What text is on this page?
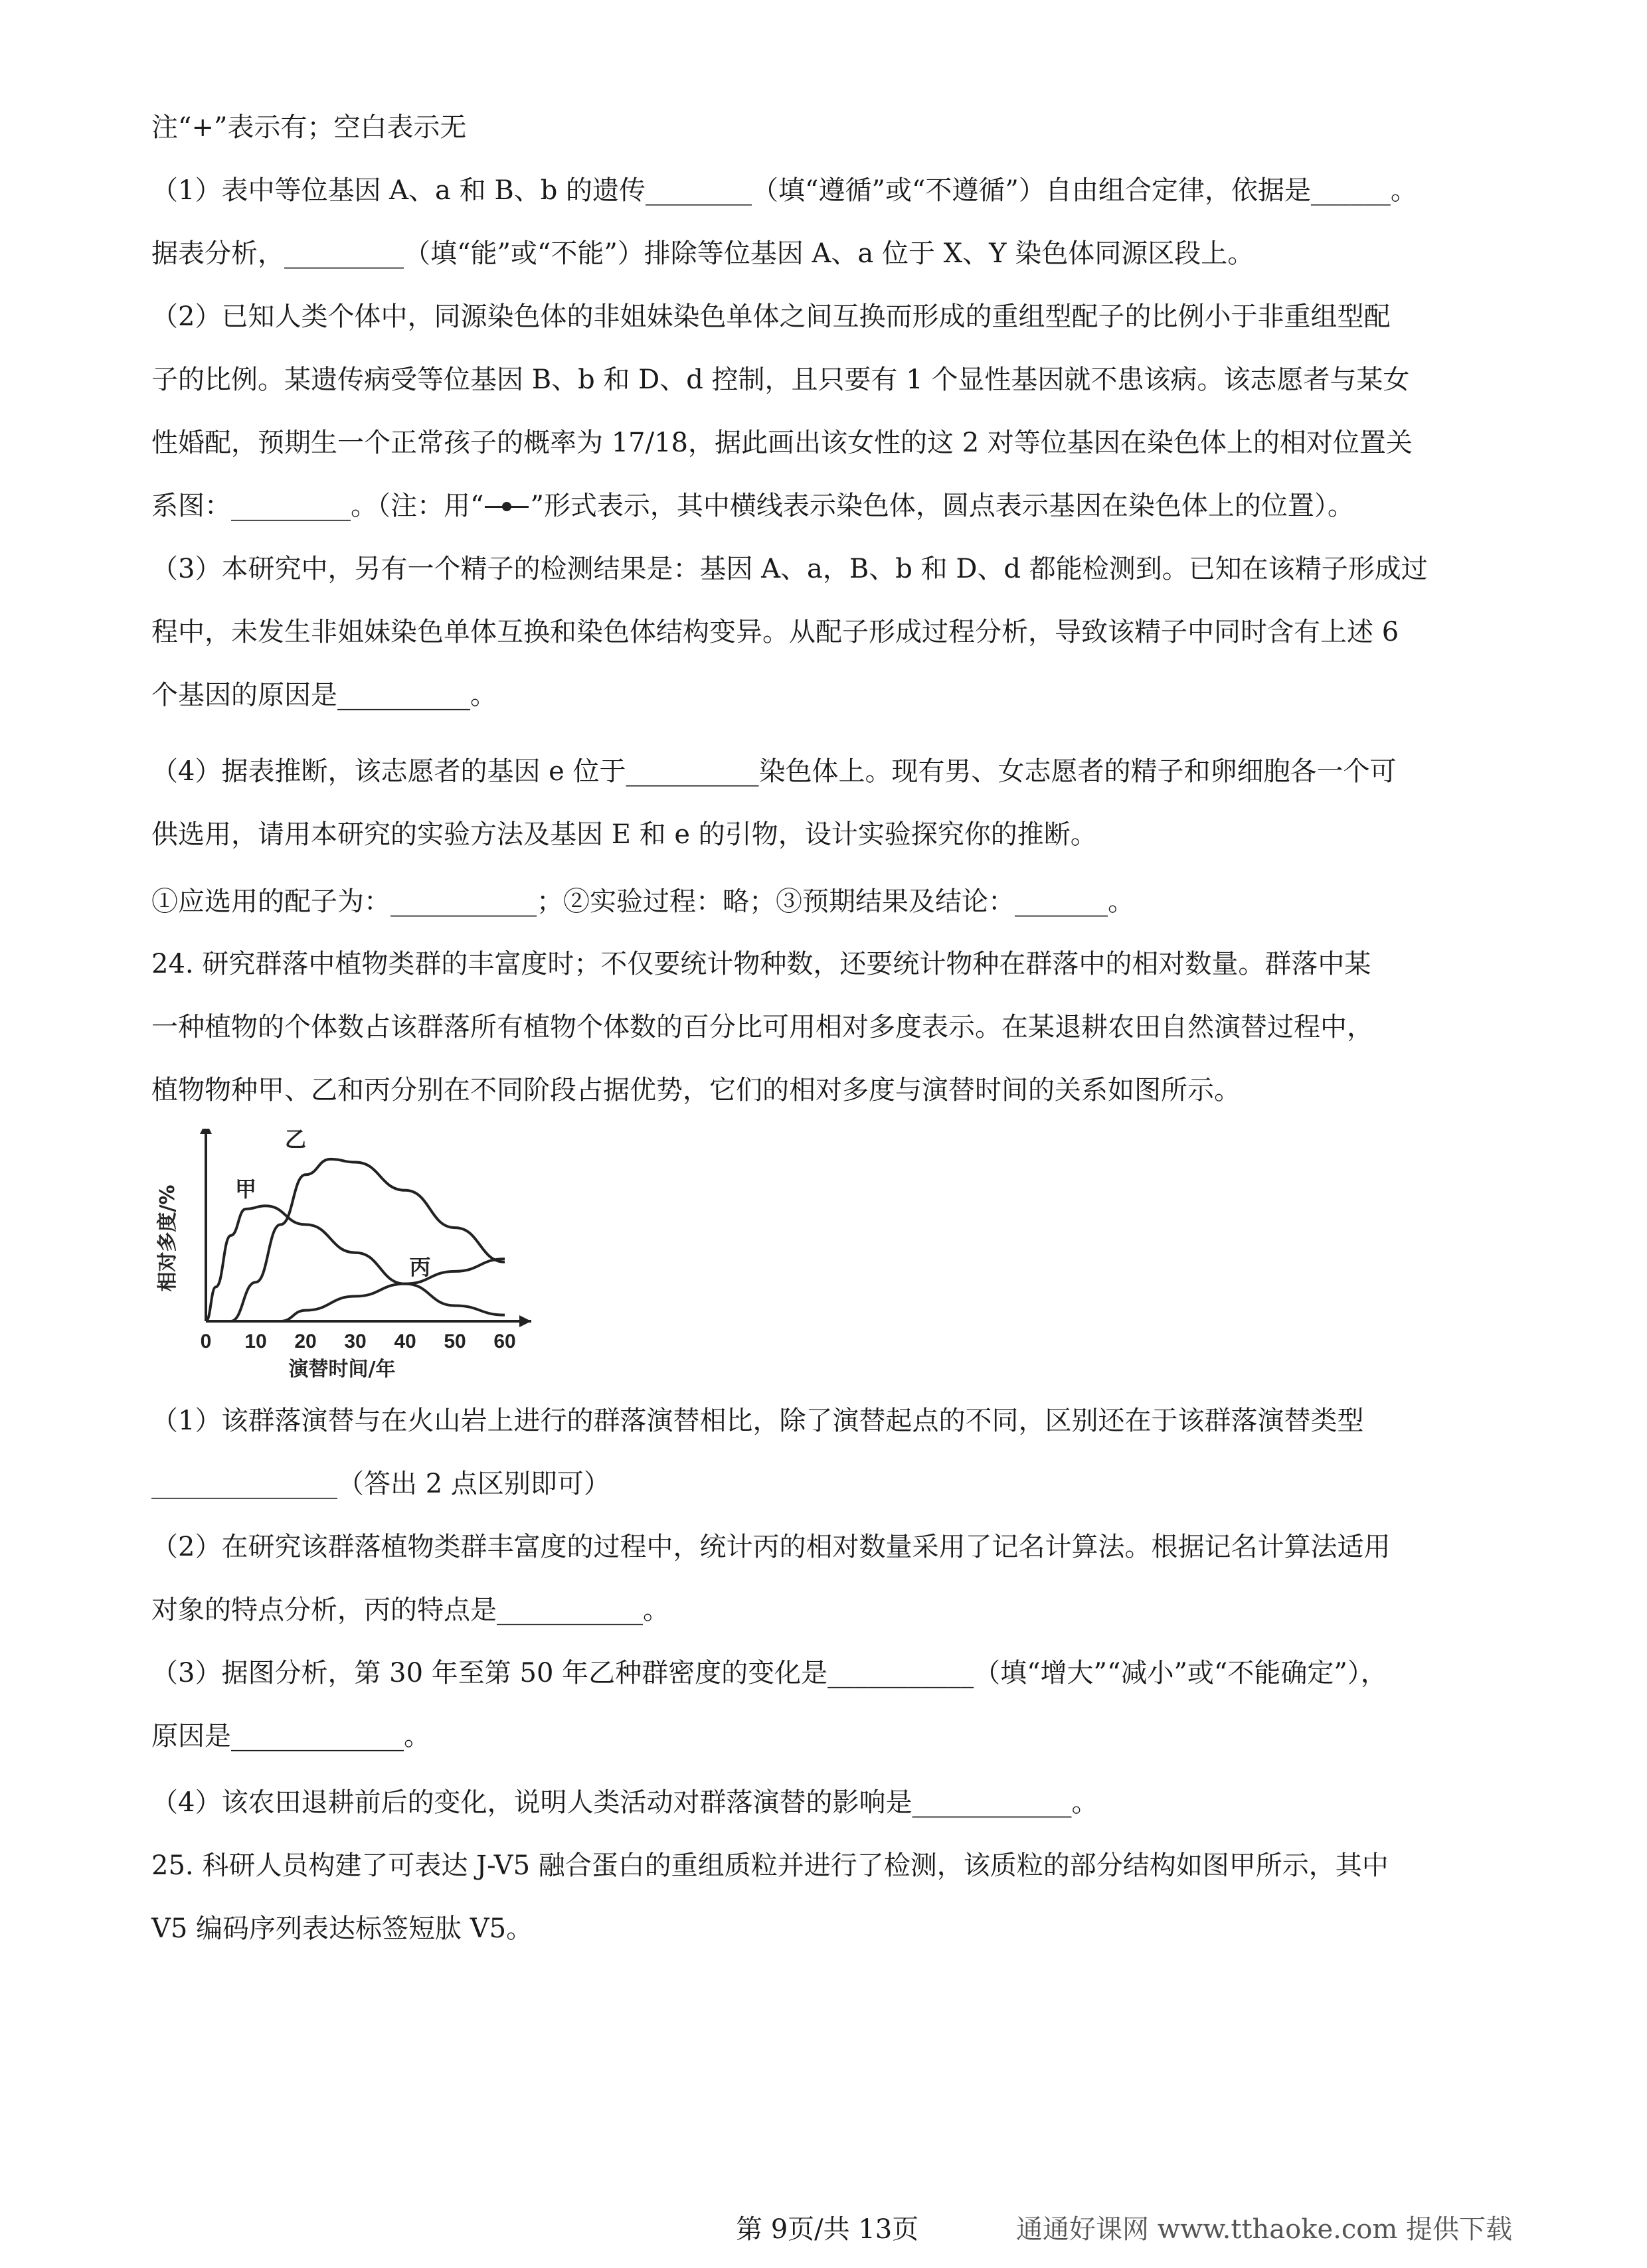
注“+”表示有；空白表示无
（1）表中等位基因 A、a 和 B、b 的遗传________（填“遵循”或“不遵循”）自由组合定律，依据是______。
据表分析，_________（填“能”或“不能”）排除等位基因 A、a 位于 X、Y 染色体同源区段上。
（2）已知人类个体中，同源染色体的非姐妹染色单体之间互换而形成的重组型配子的比例小于非重组型配
子的比例。某遗传病受等位基因 B、b 和 D、d 控制，且只要有 1 个显性基因就不患该病。该志愿者与某女
性婚配，预期生一个正常孩子的概率为 17/18，据此画出该女性的这 2 对等位基因在染色体上的相对位置关
系图：_________。（注：用“ ”形式表示，其中横线表示染色体，圆点表示基因在染色体上的位置）。
（3）本研究中，另有一个精子的检测结果是：基因 A、a，B、b 和 D、d 都能检测到。已知在该精子形成过
程中，未发生非姐妹染色单体互换和染色体结构变异。从配子形成过程分析，导致该精子中同时含有上述 6
个基因的原因是__________。
（4）据表推断，该志愿者的基因 e 位于__________染色体上。现有男、女志愿者的精子和卵细胞各一个可
供选用，请用本研究的实验方法及基因 E 和 e 的引物，设计实验探究你的推断。
①应选用的配子为：___________；②实验过程：略；③预期结果及结论：_______。
24. 研究群落中植物类群的丰富度时；不仅要统计物种数，还要统计物种在群落中的相对数量。群落中某
一种植物的个体数占该群落所有植物个体数的百分比可用相对多度表示。在某退耕农田自然演替过程中，
植物物种甲、乙和丙分别在不同阶段占据优势，它们的相对多度与演替时间的关系如图所示。
0 10 20 30 40 50 60
演替时间/年
相对多度/%	甲
乙
丙
（1）该群落演替与在火山岩上进行的群落演替相比，除了演替起点的不同，区别还在于该群落演替类型
______________（答出 2 点区别即可）
（2）在研究该群落植物类群丰富度的过程中，统计丙的相对数量采用了记名计算法。根据记名计算法适用
对象的特点分析，丙的特点是___________。
（3）据图分析，第 30 年至第 50 年乙种群密度的变化是___________（填“增大”“减小”或“不能确定”），
原因是_____________。
（4）该农田退耕前后的变化，说明人类活动对群落演替的影响是____________。
25. 科研人员构建了可表达 J-V5 融合蛋白的重组质粒并进行了检测，该质粒的部分结构如图甲所示，其中
V5 编码序列表达标签短肽 V5。
第 9页/共 13页	通通好课网 www.tthaoke.com 提供下载
